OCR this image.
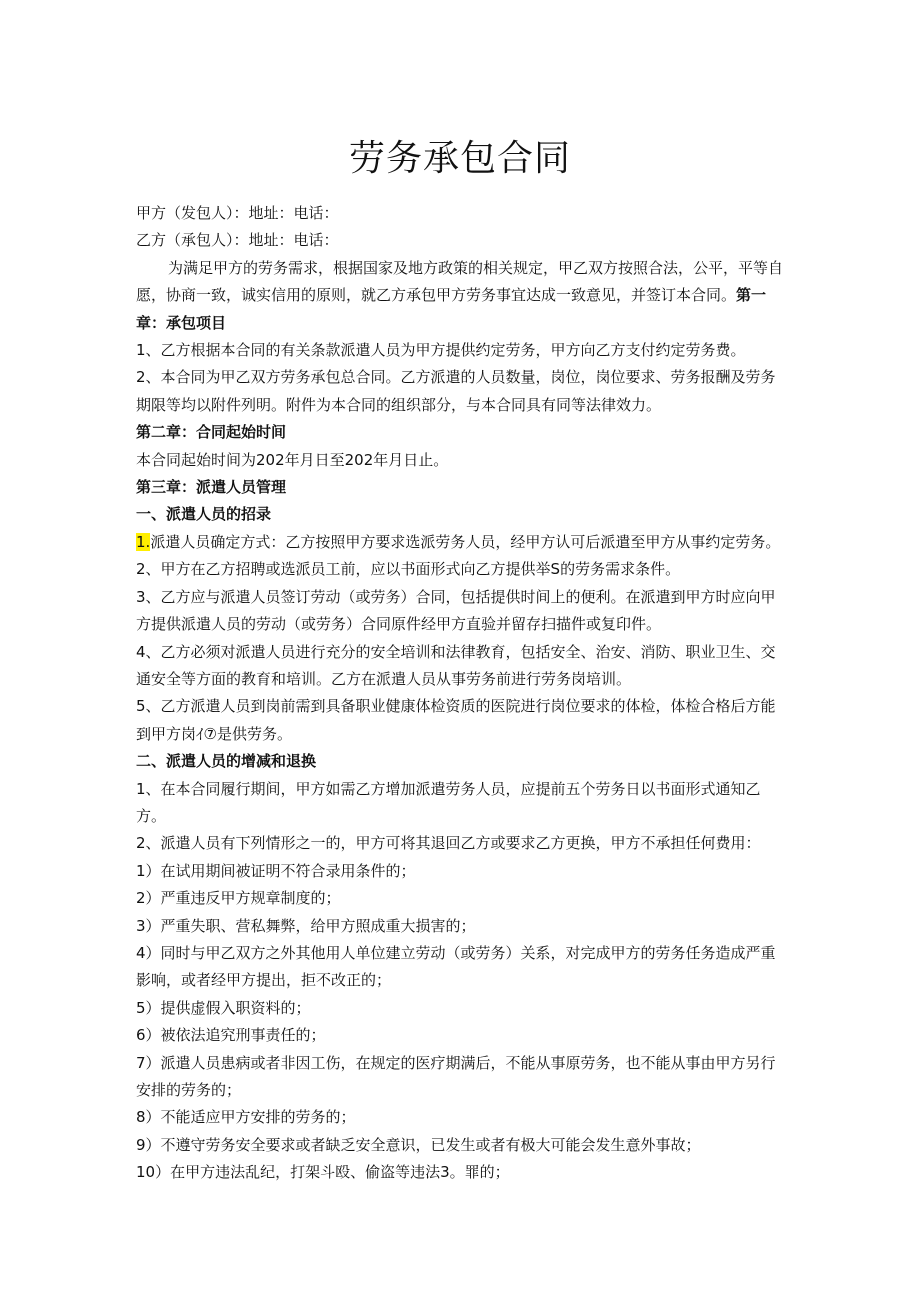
劳务承包合同

甲方（发包人）：地址：电话：

乙方（承包人）：地址：电话：

为满足甲方的劳务需求，根据国家及地方政策的相关规定，甲乙双方按照合法，公平，平等自愿，协商一致，诚实信用的原则，就乙方承包甲方劳务事宜达成一致意见，并签订本合同。第一章：承包项目

1、乙方根据本合同的有关条款派遣人员为甲方提供约定劳务，甲方向乙方支付约定劳务费。

2、本合同为甲乙双方劳务承包总合同。乙方派遣的人员数量，岗位，岗位要求、劳务报酬及劳务期限等均以附件列明。附件为本合同的组织部分，与本合同具有同等法律效力。

第二章：合同起始时间

本合同起始时间为202年月日至202年月日止。

第三章：派遣人员管理

一、派遣人员的招录

1.派遣人员确定方式：乙方按照甲方要求选派劳务人员，经甲方认可后派遣至甲方从事约定劳务。

2、甲方在乙方招聘或选派员工前，应以书面形式向乙方提供举S的劳务需求条件。

3、乙方应与派遣人员签订劳动（或劳务）合同，包括提供时间上的便利。在派遣到甲方时应向甲方提供派遣人员的劳动（或劳务）合同原件经甲方直验并留存扫描件或复印件。

4、乙方必须对派遣人员进行充分的安全培训和法律教育，包括安全、治安、消防、职业卫生、交通安全等方面的教育和培训。乙方在派遣人员从事劳务前进行劳务岗培训。

5、乙方派遣人员到岗前需到具备职业健康体检资质的医院进行岗位要求的体检，体检合格后方能到甲方岗ｲ⑦是供劳务。

二、派遣人员的增减和退换

1、在本合同履行期间，甲方如需乙方增加派遣劳务人员，应提前五个劳务日以书面形式通知乙方。

2、派遣人员有下列情形之一的，甲方可将其退回乙方或要求乙方更换，甲方不承担任何费用：

1）在试用期间被证明不符合录用条件的；

2）严重违反甲方规章制度的；

3）严重失职、营私舞弊，给甲方照成重大损害的；

4）同时与甲乙双方之外其他用人单位建立劳动（或劳务）关系，对完成甲方的劳务任务造成严重影响，或者经甲方提出，拒不改正的；

5）提供虚假入职资料的；

6）被依法追究刑事责任的；

7）派遣人员患病或者非因工伤，在规定的医疗期满后，不能从事原劳务，也不能从事由甲方另行安排的劳务的；

8）不能适应甲方安排的劳务的；

9）不遵守劳务安全要求或者缺乏安全意识，已发生或者有极大可能会发生意外事故；

10）在甲方违法乱纪，打架斗殴、偷盗等违法3。罪的；
